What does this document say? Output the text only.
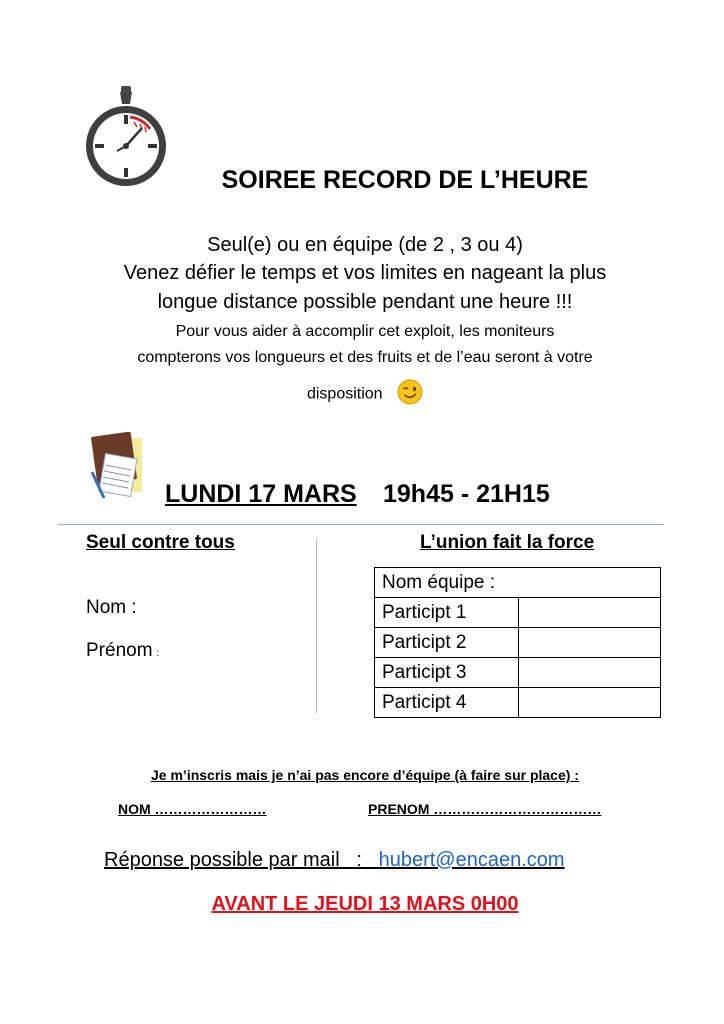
SOIREE RECORD DE L’HEURE
Seul(e) ou en équipe (de 2 , 3 ou 4)
Venez défier le temps et vos limites en nageant la plus
longue distance possible pendant une heure !!!
Pour vous aider à accomplir cet exploit, les moniteurs
compterons vos longueurs et des fruits et de l’eau seront à votre
disposition
LUNDI 17 MARS 19h45 - 21H15
Seul contre tous
Nom :
Prénom :
L’union fait la force
Nom équipe :	
Participt 1	
Participt 2	
Participt 3	
Participt 4	
Je m’inscris mais je n’ai pas encore d’équipe (à faire sur place) :
NOM ……………………	PRENOM ………………………………
Réponse possible par mail   :   hubert@encaen.com
AVANT LE JEUDI 13 MARS 0H00
